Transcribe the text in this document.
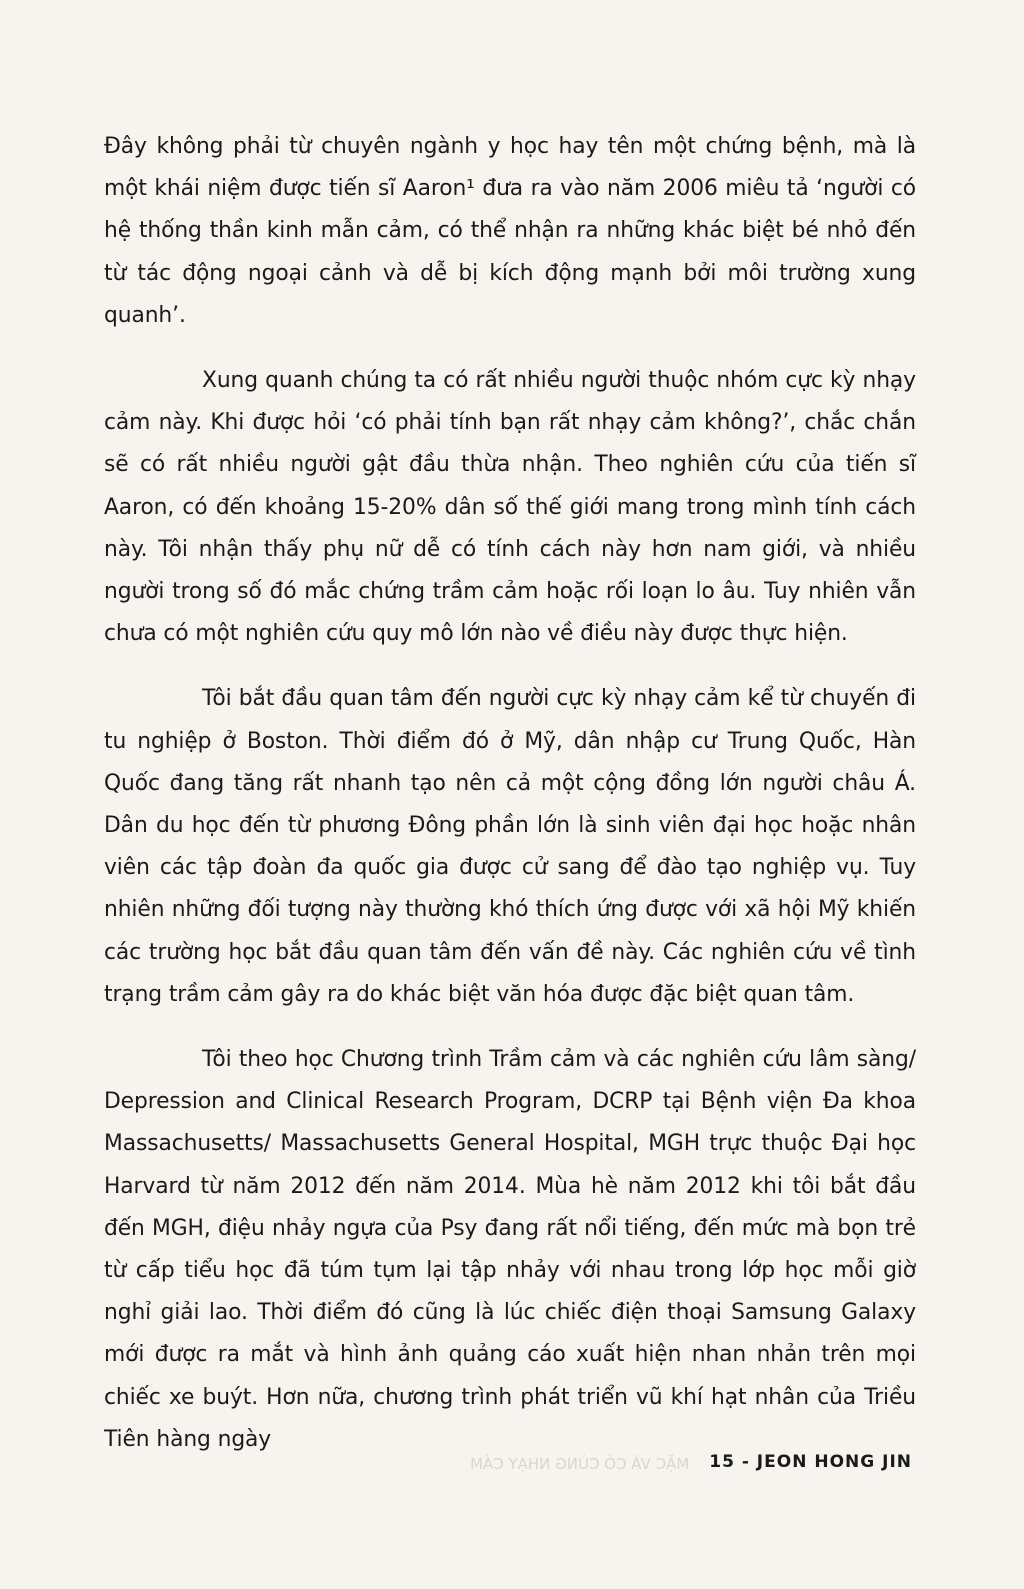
Đây không phải từ chuyên ngành y học hay tên một chứng bệnh, mà là một khái niệm được tiến sĩ Aaron¹ đưa ra vào năm 2006 miêu tả ‘người có hệ thống thần kinh mẫn cảm, có thể nhận ra những khác biệt bé nhỏ đến từ tác động ngoại cảnh và dễ bị kích động mạnh bởi môi trường xung quanh’.

Xung quanh chúng ta có rất nhiều người thuộc nhóm cực kỳ nhạy cảm này. Khi được hỏi ‘có phải tính bạn rất nhạy cảm không?’, chắc chắn sẽ có rất nhiều người gật đầu thừa nhận. Theo nghiên cứu của tiến sĩ Aaron, có đến khoảng 15-20% dân số thế giới mang trong mình tính cách này. Tôi nhận thấy phụ nữ dễ có tính cách này hơn nam giới, và nhiều người trong số đó mắc chứng trầm cảm hoặc rối loạn lo âu. Tuy nhiên vẫn chưa có một nghiên cứu quy mô lớn nào về điều này được thực hiện.

Tôi bắt đầu quan tâm đến người cực kỳ nhạy cảm kể từ chuyến đi tu nghiệp ở Boston. Thời điểm đó ở Mỹ, dân nhập cư Trung Quốc, Hàn Quốc đang tăng rất nhanh tạo nên cả một cộng đồng lớn người châu Á. Dân du học đến từ phương Đông phần lớn là sinh viên đại học hoặc nhân viên các tập đoàn đa quốc gia được cử sang để đào tạo nghiệp vụ. Tuy nhiên những đối tượng này thường khó thích ứng được với xã hội Mỹ khiến các trường học bắt đầu quan tâm đến vấn đề này. Các nghiên cứu về tình trạng trầm cảm gây ra do khác biệt văn hóa được đặc biệt quan tâm.

Tôi theo học Chương trình Trầm cảm và các nghiên cứu lâm sàng/ Depression and Clinical Research Program, DCRP tại Bệnh viện Đa khoa Massachusetts/ Massachusetts General Hospital, MGH trực thuộc Đại học Harvard từ năm 2012 đến năm 2014. Mùa hè năm 2012 khi tôi bắt đầu đến MGH, điệu nhảy ngựa của Psy đang rất nổi tiếng, đến mức mà bọn trẻ từ cấp tiểu học đã túm tụm lại tập nhảy với nhau trong lớp học mỗi giờ nghỉ giải lao. Thời điểm đó cũng là lúc chiếc điện thoại Samsung Galaxy mới được ra mắt và hình ảnh quảng cáo xuất hiện nhan nhản trên mọi chiếc xe buýt. Hơn nữa, chương trình phát triển vũ khí hạt nhân của Triều Tiên hàng ngày

MẶC VÀ CÓ CÙNG NHẠY CẢM 15 - JEON HONG JIN
